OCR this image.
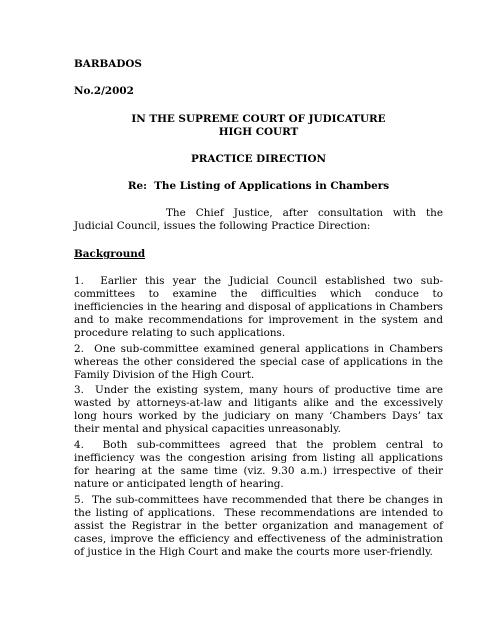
BARBADOS
No.2/2002
IN THE SUPREME COURT OF JUDICATURE
HIGH COURT
PRACTICE DIRECTION
Re:  The Listing of Applications in Chambers
The Chief Justice, after consultation with the Judicial Council, issues the following Practice Direction:
Background
1.  Earlier this year the Judicial Council established two sub-committees to examine the difficulties which conduce to inefficiencies in the hearing and disposal of applications in Chambers and to make recommendations for improvement in the system and procedure relating to such applications.
2.  One sub-committee examined general applications in Chambers whereas the other considered the special case of applications in the Family Division of the High Court.
3.  Under the existing system, many hours of productive time are wasted by attorneys-at-law and litigants alike and the excessively long hours worked by the judiciary on many ‘Chambers Days’ tax their mental and physical capacities unreasonably.
4.  Both sub-committees agreed that the problem central to inefficiency was the congestion arising from listing all applications for hearing at the same time (viz. 9.30 a.m.) irrespective of their nature or anticipated length of hearing.
5.  The sub-committees have recommended that there be changes in the listing of applications.  These recommendations are intended to assist the Registrar in the better organization and management of cases, improve the efficiency and effectiveness of the administration of justice in the High Court and make the courts more user-friendly.
